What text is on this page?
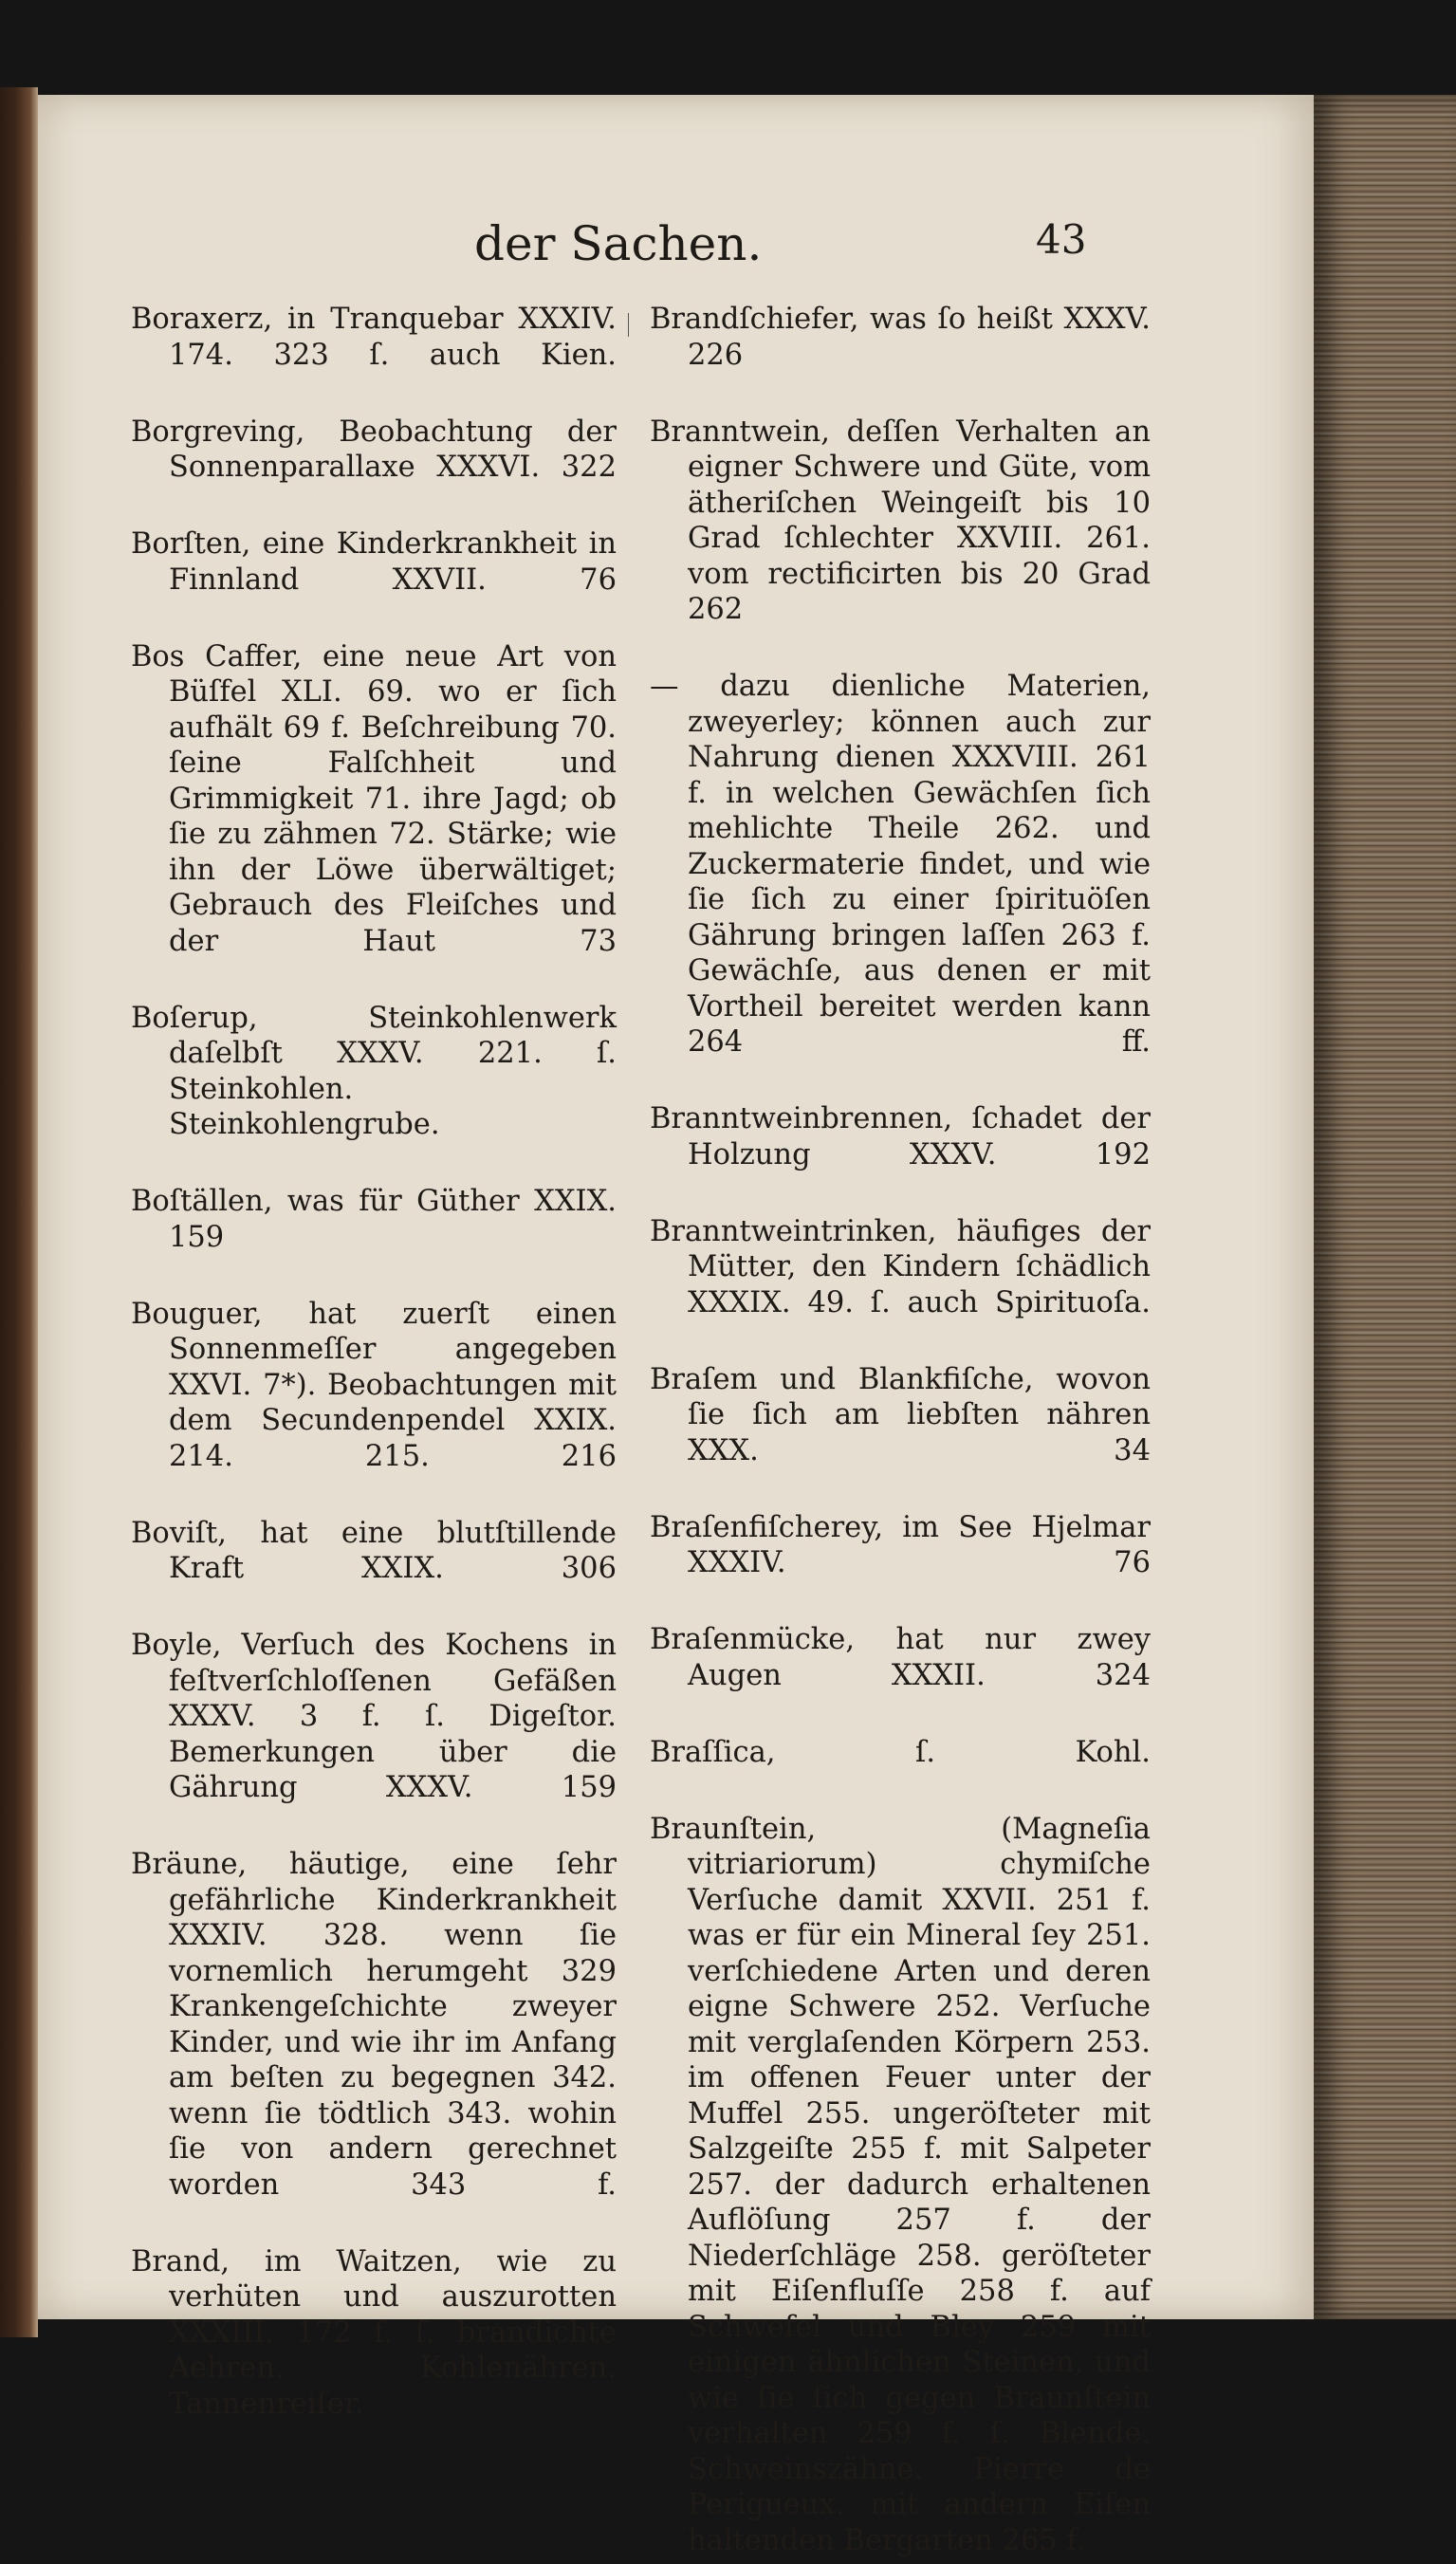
der Sachen.	43

Boraxerz, in Tranquebar XXXIV. 174. 323 ſ. auch Kien.

Borgreving, Beobachtung der Sonnenparallaxe XXXVI. 322

Borſten, eine Kinderkrankheit in Finnland XXVII. 76

Bos Caffer, eine neue Art von Büſfel XLI. 69. wo er ſich aufhält 69 f. Beſchreibung 70. ſeine Falſchheit und Grimmigkeit 71. ihre Jagd; ob ſie zu zähmen 72. Stärke; wie ihn der Löwe überwältiget; Gebrauch des Fleiſches und der Haut 73

Boſerup, Steinkohlenwerk daſelbſt XXXV. 221. ſ. Steinkohlen. Steinkohlengrube.

Boſtällen, was für Güther XXIX. 159

Bouguer, hat zuerſt einen Sonnenmeſſer angegeben XXVI. 7*). Beobachtungen mit dem Secundenpendel XXIX. 214. 215. 216

Boviſt, hat eine blutſtillende Kraft XXIX. 306

Boyle, Verſuch des Kochens in feſtverſchloſſenen Gefäßen XXXV. 3 f. ſ. Digeſtor. Bemerkungen über die Gährung XXXV. 159

Bräune, häutige, eine ſehr gefährliche Kinderkrankheit XXXIV. 328. wenn ſie vornemlich herumgeht 329 Krankengeſchichte zweyer Kinder, und wie ihr im Anfang am beſten zu begegnen 342. wenn ſie tödtlich 343. wohin ſie von andern gerechnet worden 343 f.

Brand, im Waitzen, wie zu verhüten und auszurotten XXXIII. 172 f. ſ. brandichte Aehren. Kohlenähren. Tannenreiſer.

Brandſchiefer, was ſo heißt XXXV. 226

Branntwein, deſſen Verhalten an eigner Schwere und Güte, vom ätheriſchen Weingeiſt bis 10 Grad ſchlechter XXVIII. 261. vom rectificirten bis 20 Grad 262

— dazu dienliche Materien, zweyerley; können auch zur Nahrung dienen XXXVIII. 261 f. in welchen Gewächſen ſich mehlichte Theile 262. und Zuckermaterie findet, und wie ſie ſich zu einer ſpirituöſen Gährung bringen laſſen 263 f. Gewächſe, aus denen er mit Vortheil bereitet werden kann 264 ff.

Branntweinbrennen, ſchadet der Holzung XXXV. 192

Branntweintrinken, häufiges der Mütter, den Kindern ſchädlich XXXIX. 49. ſ. auch Spirituoſa.

Braſem und Blankfiſche, wovon ſie ſich am liebſten nähren XXX. 34

Braſenfiſcherey, im See Hjelmar XXXIV. 76

Braſenmücke, hat nur zwey Augen XXXII. 324

Braſſica, ſ. Kohl.

Braunſtein, (Magneſia vitriariorum) chymiſche Verſuche damit XXVII. 251 f. was er für ein Mineral ſey 251. verſchiedene Arten und deren eigne Schwere 252. Verſuche mit verglaſenden Körpern 253. im offenen Feuer unter der Muffel 255. ungeröſteter mit Salzgeiſte 255 f. mit Salpeter 257. der dadurch erhaltenen Auflöſung 257 f. der Niederſchläge 258. geröſteter mit Eiſenfluſſe 258 f. auf Schwefel und Bley 259 mit einigen ähnlichen Steinen, und wie ſie ſich gegen Braunſtein verhalten 259 f. ſ. Blende. Schweinszähne. Pierre de Perigueux. mit andern Eiſen haltenden Bergarten 265 f.
